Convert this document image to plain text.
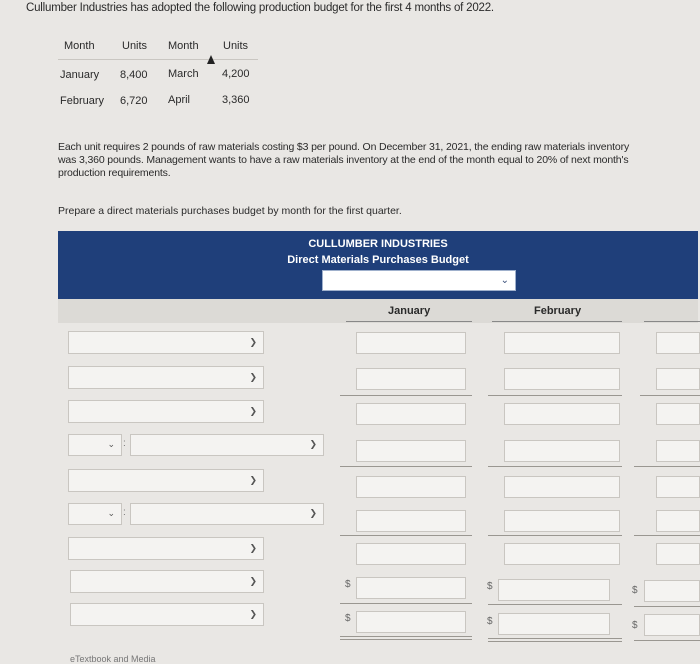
Cullumber Industries has adopted the following production budget for the first 4 months of 2022.
Month Units Month Units
January 8,400 March 4,200
February 6,720 April	3,360
Each unit requires 2 pounds of raw materials costing $3 per pound. On December 31, 2021, the ending raw materials inventory was 3,360 pounds. Management wants to have a raw materials inventory at the end of the month equal to 20% of next month's production requirements.
Prepare a direct materials purchases budget by month for the first quarter.
CULLUMBER INDUSTRIES
Direct Materials Purchases Budget
⌄
January	February
❯
❯
❯
⌄ :	❯
❯
⌄ :	❯
❯
❯	$	$	$
❯	$	$	$
eTextbook and Media
